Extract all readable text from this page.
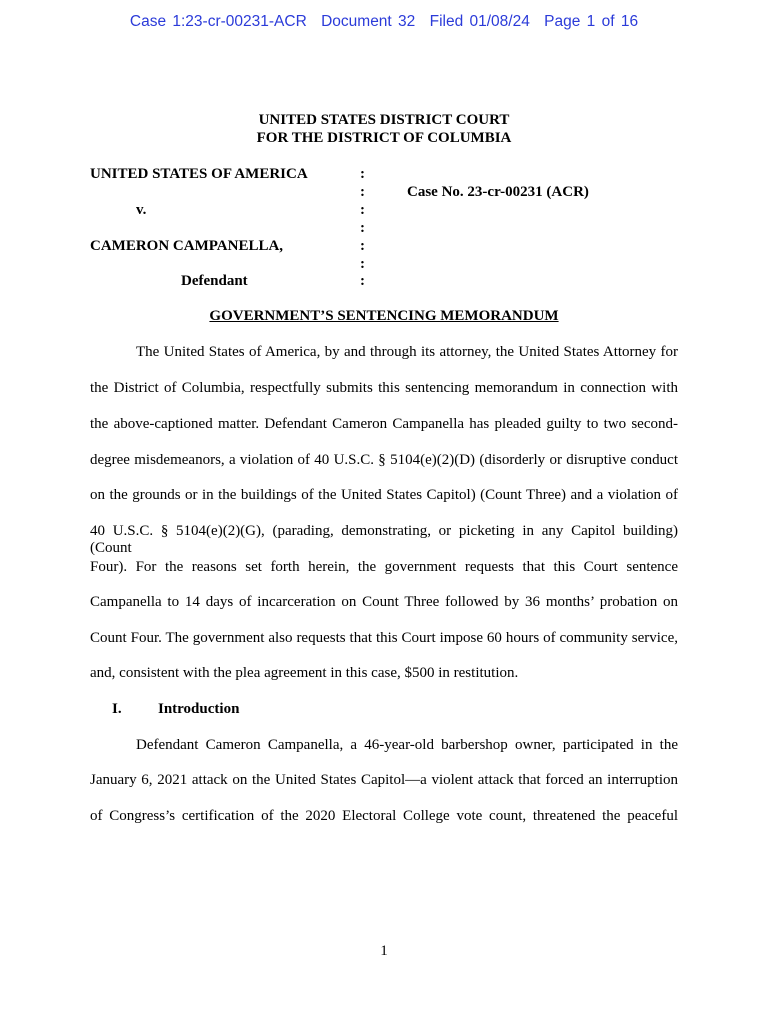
Case 1:23-cr-00231-ACR Document 32 Filed 01/08/24 Page 1 of 16
UNITED STATES DISTRICT COURT
FOR THE DISTRICT OF COLUMBIA
UNITED STATES OF AMERICA
v.
CAMERON CAMPANELLA,
Defendant
Case No. 23-cr-00231 (ACR)
:
:
:
:
:
:
:
GOVERNMENT’S SENTENCING MEMORANDUM
The United States of America, by and through its attorney, the United States Attorney for
the District of Columbia, respectfully submits this sentencing memorandum in connection with
the above-captioned matter. Defendant Cameron Campanella has pleaded guilty to two second-
degree misdemeanors, a violation of 40 U.S.C. § 5104(e)(2)(D) (disorderly or disruptive conduct
on the grounds or in the buildings of the United States Capitol) (Count Three) and a violation of
40 U.S.C. § 5104(e)(2)(G), (parading, demonstrating, or picketing in any Capitol building) (Count
Four). For the reasons set forth herein, the government requests that this Court sentence
Campanella to 14 days of incarceration on Count Three followed by 36 months’ probation on
Count Four. The government also requests that this Court impose 60 hours of community service,
and, consistent with the plea agreement in this case, $500 in restitution.
I. Introduction
Defendant Cameron Campanella, a 46-year-old barbershop owner, participated in the
January 6, 2021 attack on the United States Capitol—a violent attack that forced an interruption
of Congress’s certification of the 2020 Electoral College vote count, threatened the peaceful
1
